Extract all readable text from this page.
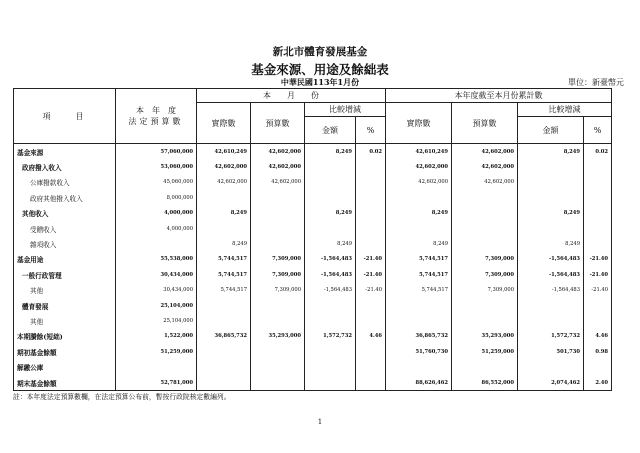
新北市體育發展基金
基金來源、用途及餘絀表
中華民國113年1月份	單位：新臺幣元
項　　目	本　年　度
法定預算數	本　　月　　份				本年度截至本月份累計數			
		實際數	預算數	比較增減		實際數	預算數	比較增減	
				金額	%			金額	%
基金來源	57,060,000	42,610,249	42,602,000	8,249	0.02	42,610,249	42,602,000	8,249	0.02
政府撥入收入	53,060,000	42,602,000	42,602,000			42,602,000	42,602,000		
公庫撥款收入	45,060,000	42,602,000	42,602,000			42,602,000	42,602,000		
政府其他撥入收入	8,000,000								
其他收入	4,000,000	8,249		8,249		8,249		8,249	
受贈收入	4,000,000								
雜項收入		8,249		8,249		8,249		8,249	
基金用途	55,538,000	5,744,517	7,309,000	-1,564,483	-21.40	5,744,517	7,309,000	-1,564,483	-21.40
一般行政管理	30,434,000	5,744,517	7,309,000	-1,564,483	-21.40	5,744,517	7,309,000	-1,564,483	-21.40
其他	30,434,000	5,744,517	7,309,000	-1,564,483	-21.40	5,744,517	7,309,000	-1,564,483	-21.40
體育發展	25,104,000								
其他	25,104,000								
本期賸餘(短絀)	1,522,000	36,865,732	35,293,000	1,572,732	4.46	36,865,732	35,293,000	1,572,732	4.46
期初基金餘額	51,259,000					51,760,730	51,259,000	501,730	0.98
解繳公庫									
期末基金餘額	52,781,000					88,626,462	86,552,000	2,074,462	2.40
註：本年度法定預算數欄，在法定預算公布前，暫按行政院核定數編列。
1
